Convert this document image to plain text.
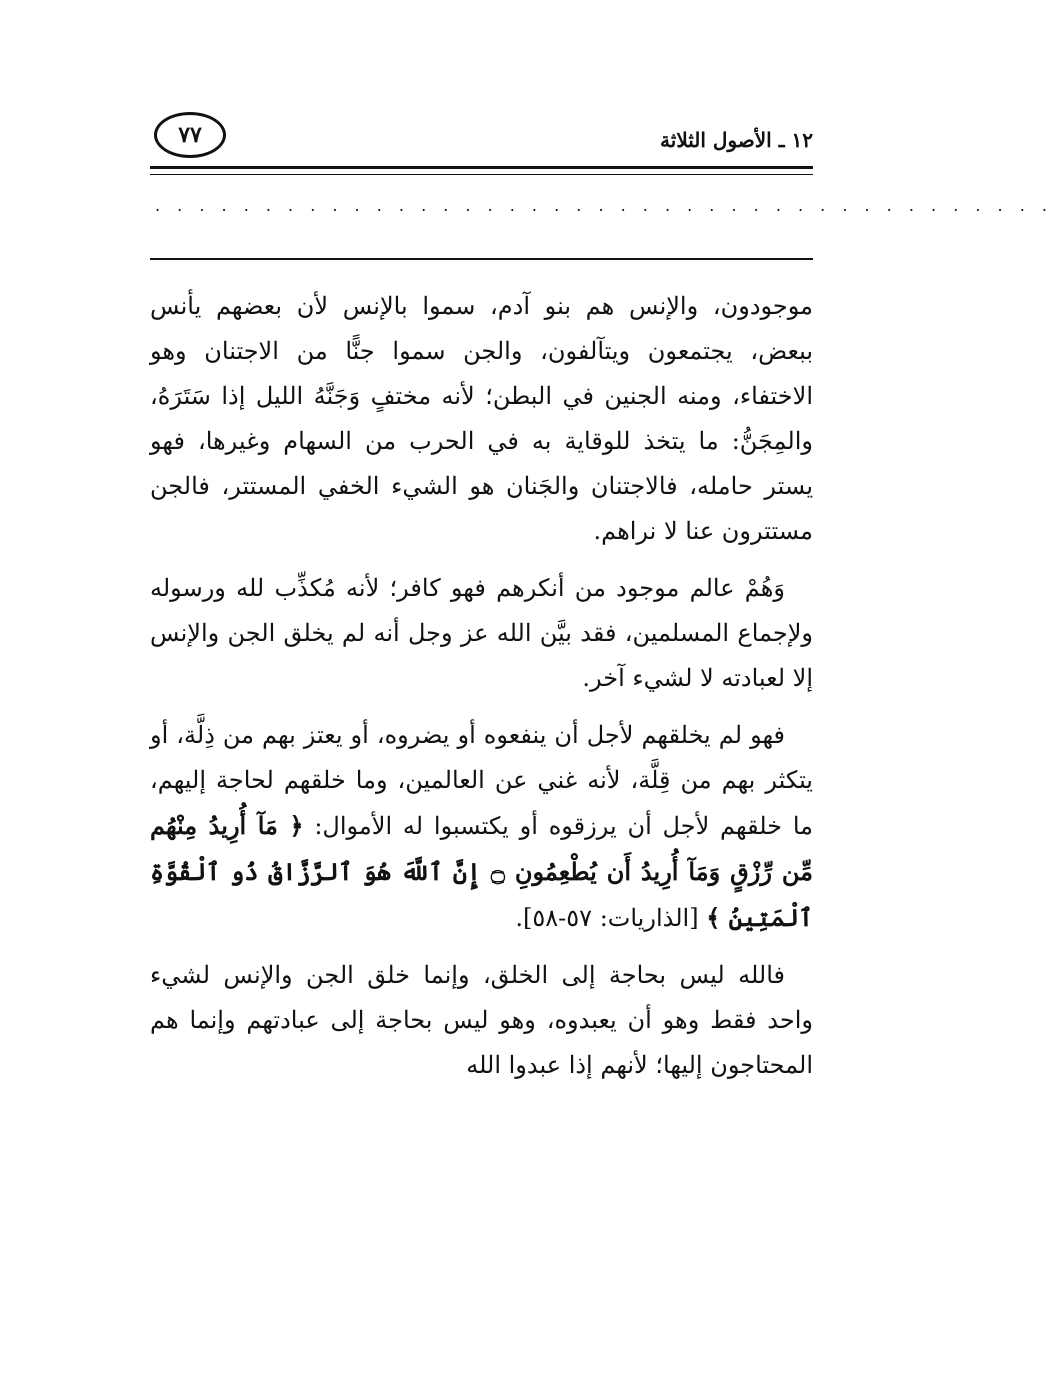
١٢ ـ الأصول الثلاثة
٧٧
. . . . . . . . . . . . . . . . . . . . . . . . . . . . . . . . . . . . . . . . .

موجودون، والإنس هم بنو آدم، سموا بالإنس لأن بعضهم يأنس ببعض، يجتمعون ويتآلفون، والجن سموا جنًّا من الاجتنان وهو الاختفاء، ومنه الجنين في البطن؛ لأنه مختفٍ وَجَنَّهُ الليل إذا سَتَرَهُ، والمِجَنُّ: ما يتخذ للوقاية به في الحرب من السهام وغيرها، فهو يستر حامله، فالاجتنان والجَنان هو الشيء الخفي المستتر، فالجن مستترون عنا لا نراهم.

وَهُمْ عالم موجود من أنكرهم فهو كافر؛ لأنه مُكذِّب لله ورسوله ولإجماع المسلمين، فقد بيَّن الله عز وجل أنه لم يخلق الجن والإنس إلا لعبادته لا لشيء آخر.

فهو لم يخلقهم لأجل أن ينفعوه أو يضروه، أو يعتز بهم من ذِلَّة، أو يتكثر بهم من قِلَّة، لأنه غني عن العالمين، وما خلقهم لحاجة إليهم، ما خلقهم لأجل أن يرزقوه أو يكتسبوا له الأموال: ﴿ مَآ أُرِيدُ مِنْهُم مِّن رِّزْقٍ وَمَآ أُرِيدُ أَن يُطْعِمُونِ ۝ إِنَّ ٱللَّهَ هُوَ ٱلرَّزَّاقُ ذُو ٱلْقُوَّةِ ٱلْمَتِينُ ﴾ [الذاريات: ٥٧-٥٨].

فالله ليس بحاجة إلى الخلق، وإنما خلق الجن والإنس لشيء واحد فقط وهو أن يعبدوه، وهو ليس بحاجة إلى عبادتهم وإنما هم المحتاجون إليها؛ لأنهم إذا عبدوا الله
